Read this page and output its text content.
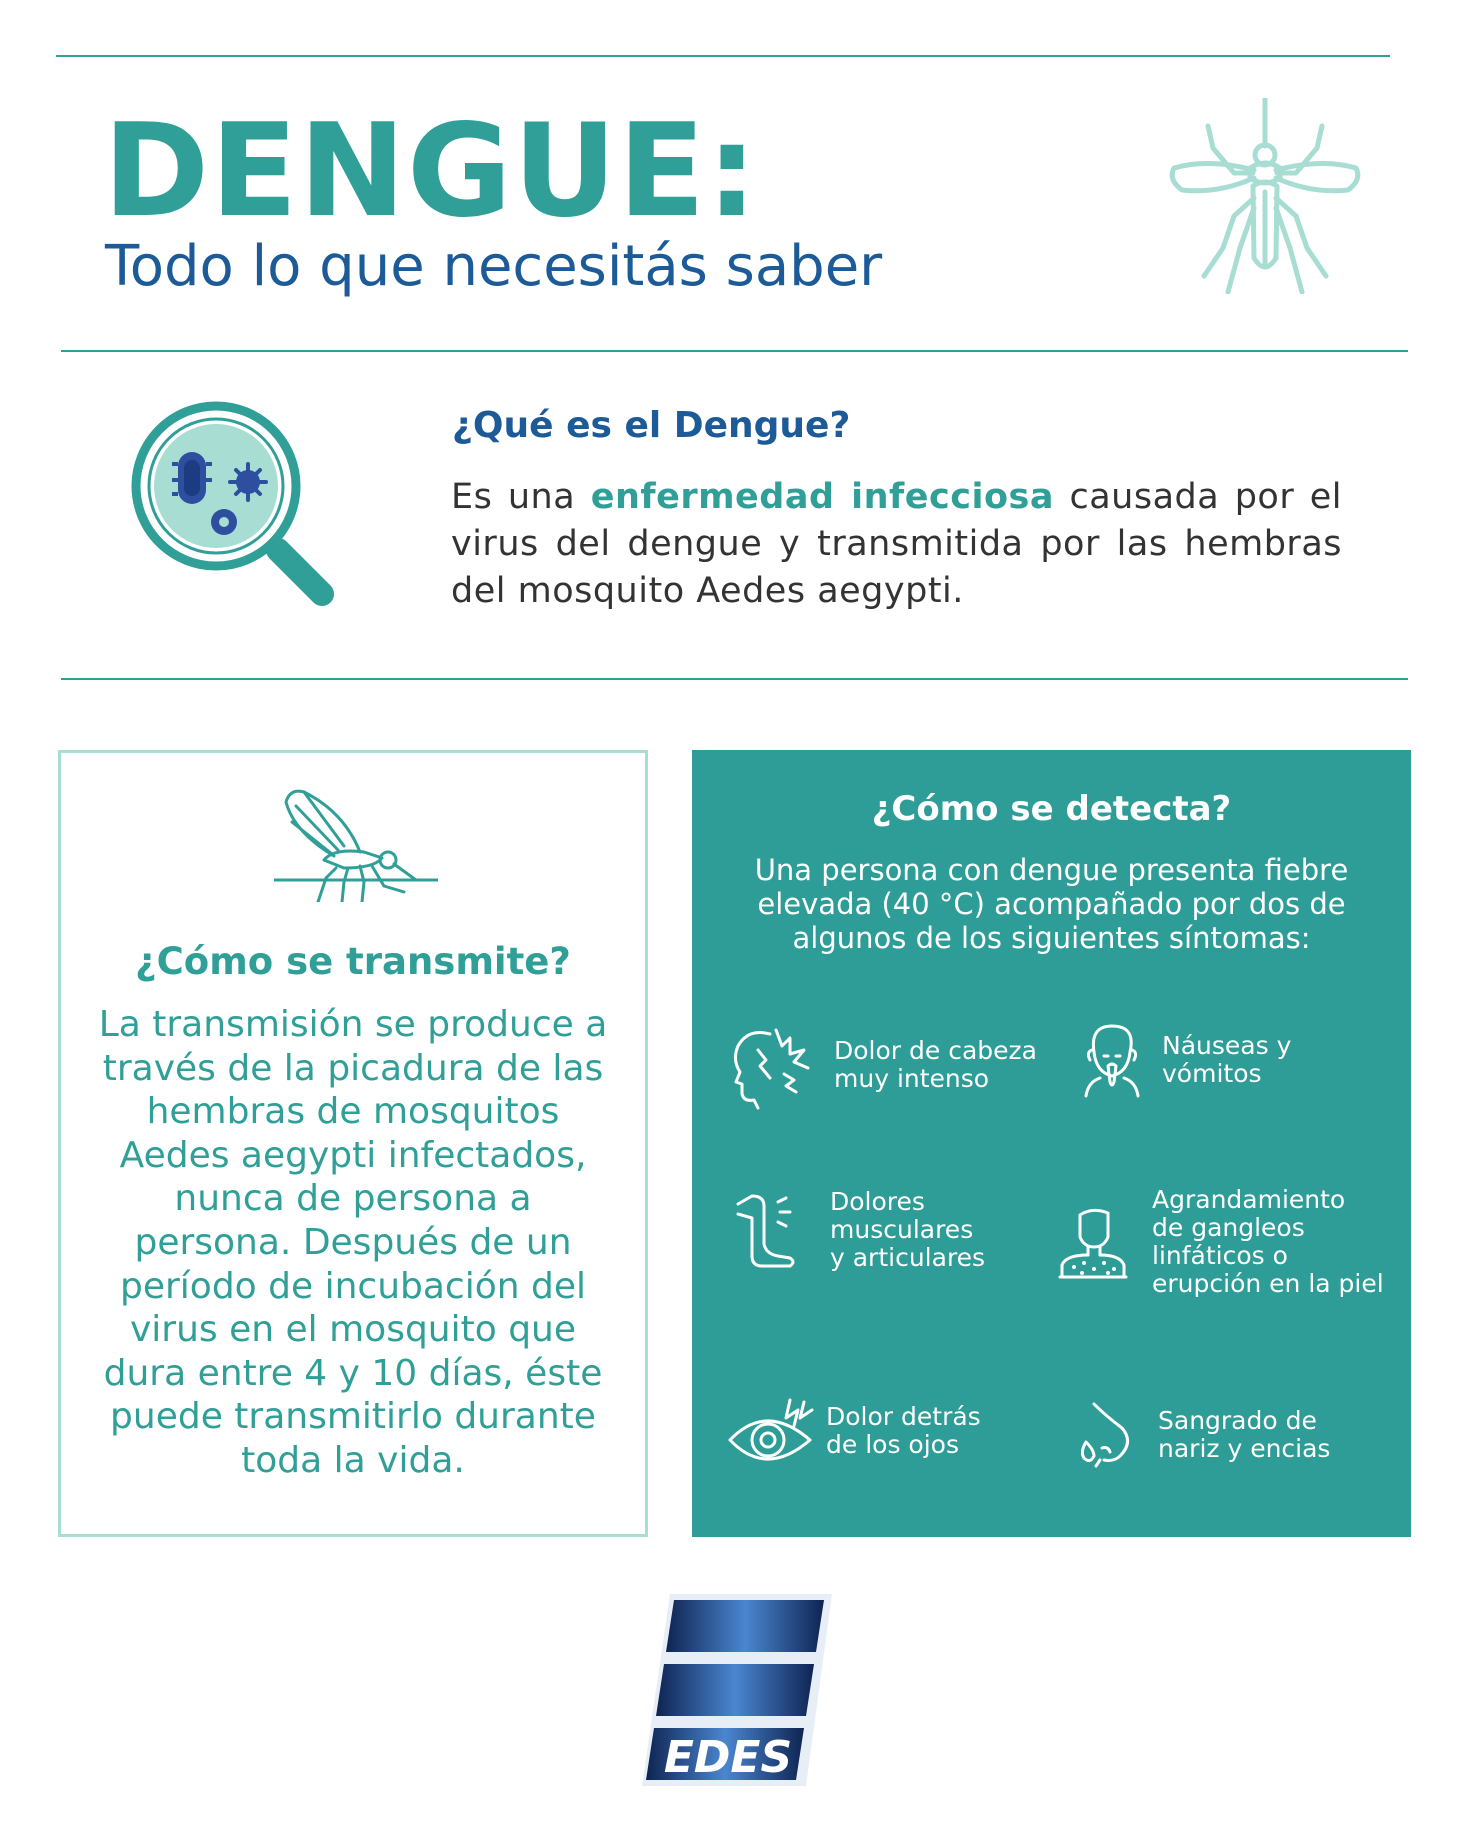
DENGUE:
Todo lo que necesitás saber
¿Qué es el Dengue?

Es una enfermedad infecciosa causada por el virus del dengue y transmitida por las hembras del mosquito Aedes aegypti.

¿Cómo se transmite?

La transmisión se produce a través de la picadura de las hembras de mosquitos Aedes aegypti infectados, nunca de persona a persona. Después de un período de incubación del virus en el mosquito que dura entre 4 y 10 días, éste puede transmitirlo durante toda la vida.

¿Cómo se detecta?

Una persona con dengue presenta fiebre elevada (40 °C) acompañado por dos de algunos de los siguientes síntomas:

Dolor de cabeza
muy intenso
Náuseas y
vómitos
Dolores
musculares
y articulares
Agrandamiento
de gangleos
linfáticos o
erupción en la piel
Dolor detrás
de los ojos
Sangrado de
nariz y encias
EDES
